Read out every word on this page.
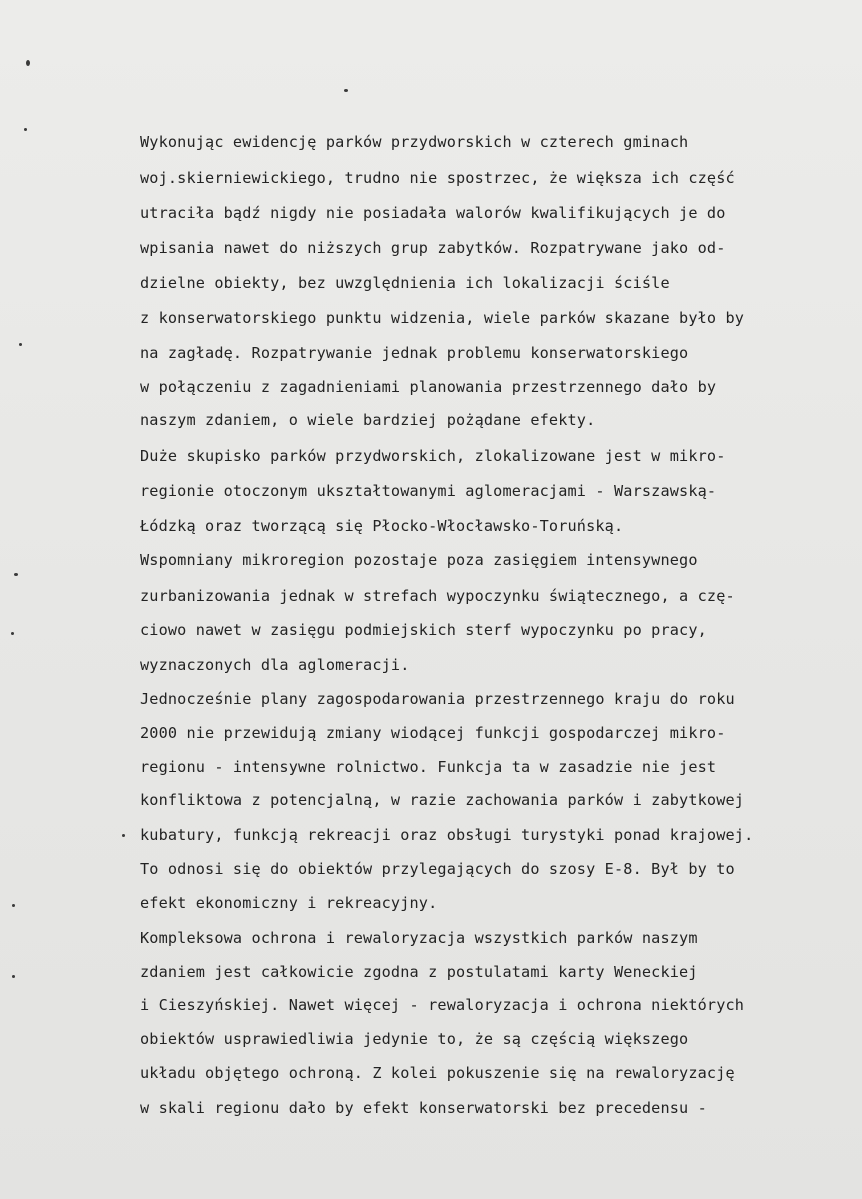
Wykonując ewidencję parków przydworskich w czterech gminach
woj.skierniewickiego, trudno nie spostrzec, że większa ich część
utraciła bądź nigdy nie posiadała walorów kwalifikujących je do
wpisania nawet do niższych grup zabytków. Rozpatrywane jako od-
dzielne obiekty, bez uwzględnienia ich lokalizacji ściśle
z konserwatorskiego punktu widzenia, wiele parków skazane było by
na zagładę. Rozpatrywanie jednak problemu konserwatorskiego
w połączeniu z zagadnieniami planowania przestrzennego dało by
naszym zdaniem, o wiele bardziej pożądane efekty.
Duże skupisko parków przydworskich, zlokalizowane jest w mikro-
regionie otoczonym ukształtowanymi aglomeracjami - Warszawską-
Łódzką oraz tworzącą się Płocko-Włocławsko-Toruńską.
Wspomniany mikroregion pozostaje poza zasięgiem intensywnego
zurbanizowania jednak w strefach wypoczynku świątecznego, a czę-
ciowo nawet w zasięgu podmiejskich sterf wypoczynku po pracy,
wyznaczonych dla aglomeracji.
Jednocześnie plany zagospodarowania przestrzennego kraju do roku
2000 nie przewidują zmiany wiodącej funkcji gospodarczej mikro-
regionu - intensywne rolnictwo. Funkcja ta w zasadzie nie jest
konfliktowa z potencjalną, w razie zachowania parków i zabytkowej
kubatury, funkcją rekreacji oraz obsługi turystyki ponad krajowej.
To odnosi się do obiektów przylegających do szosy E-8. Był by to
efekt ekonomiczny i rekreacyjny.
Kompleksowa ochrona i rewaloryzacja wszystkich parków naszym
zdaniem jest całkowicie zgodna z postulatami karty Weneckiej
i Cieszyńskiej. Nawet więcej - rewaloryzacja i ochrona niektórych
obiektów usprawiedliwia jedynie to, że są częścią większego
układu objętego ochroną. Z kolei pokuszenie się na rewaloryzację
w skali regionu dało by efekt konserwatorski bez precedensu -
